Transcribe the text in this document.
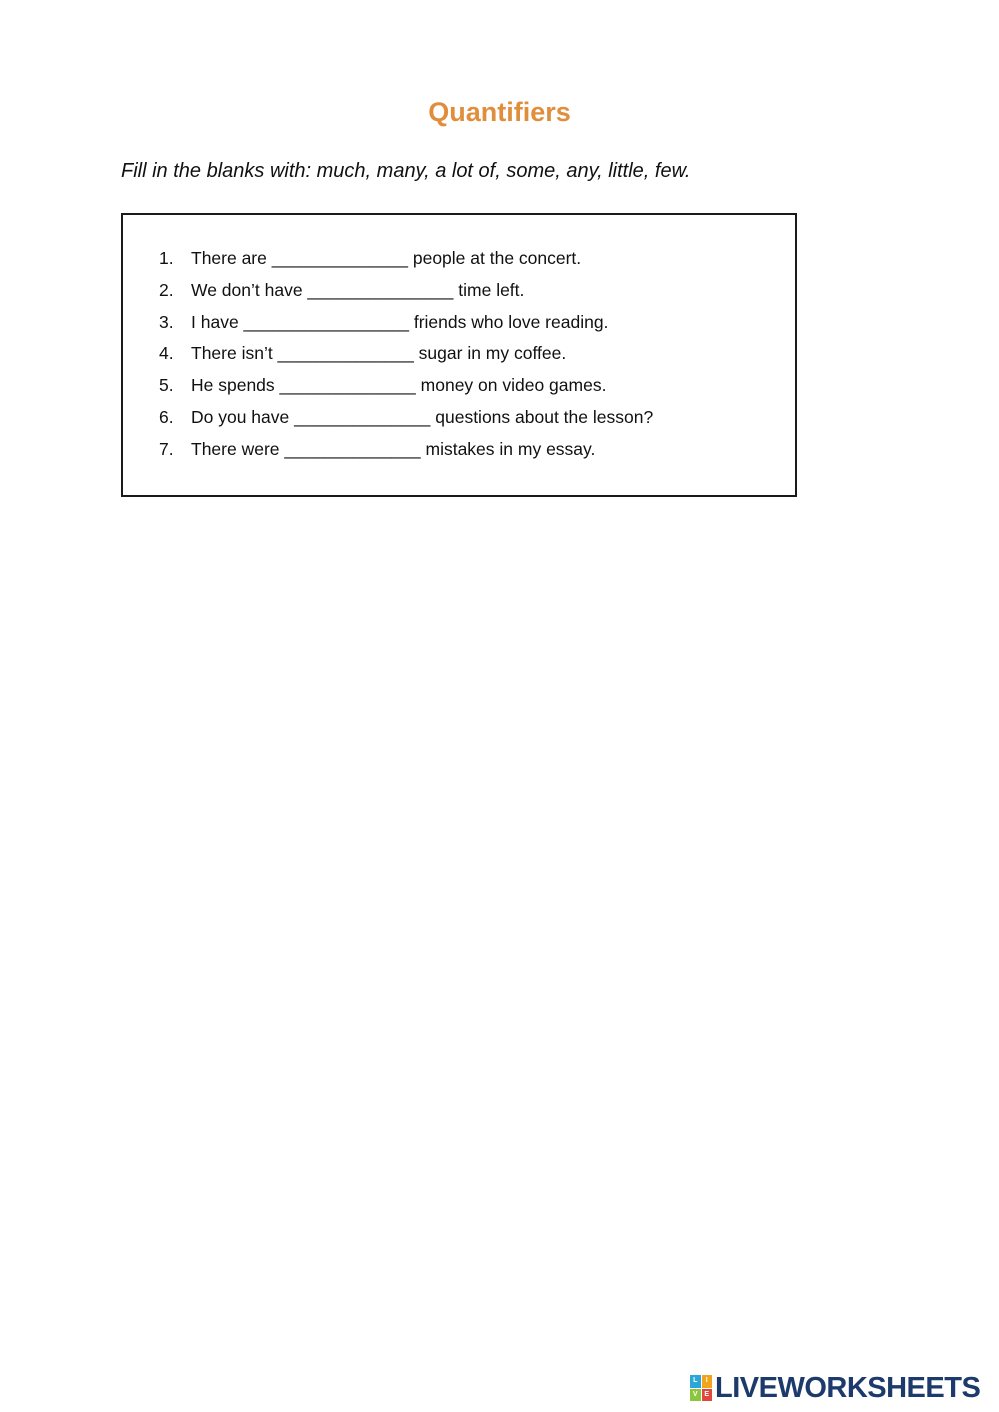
Quantifiers

Fill in the blanks with: much, many, a lot of, some, any, little, few.

1. There are ______________ people at the concert.
2. We don’t have _______________ time left.
3. I have _________________ friends who love reading.
4. There isn’t ______________ sugar in my coffee.
5. He spends ______________ money on video games.
6. Do you have ______________ questions about the lesson?
7. There were ______________ mistakes in my essay.
L	I
V E LIVEWORKSHEETS
